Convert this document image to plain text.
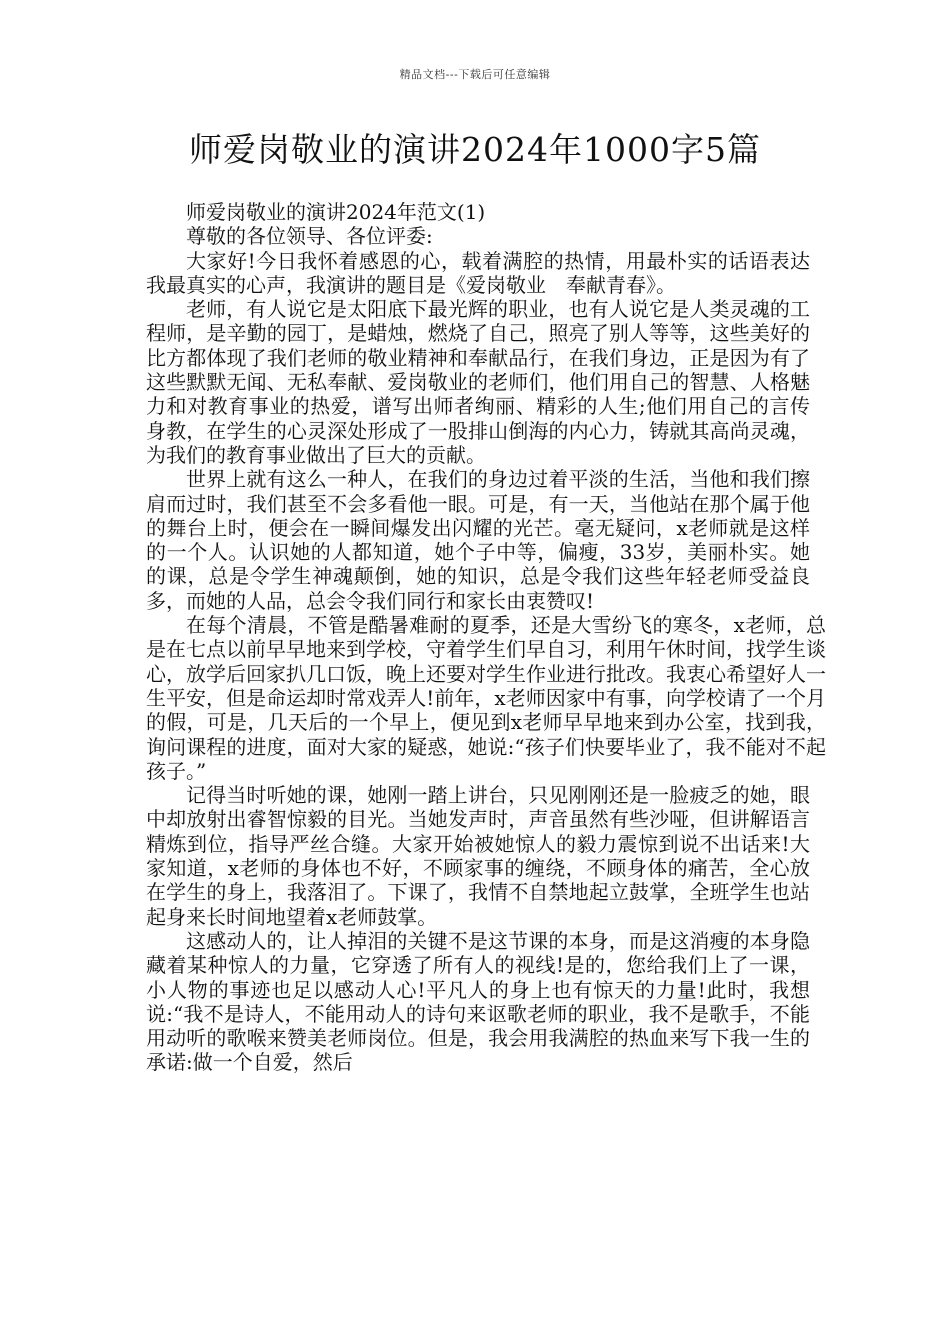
精品文档---下载后可任意编辑
师爱岗敬业的演讲2024年1000字5篇

师爱岗敬业的演讲2024年范文(1)

尊敬的各位领导、各位评委:

大家好!今日我怀着感恩的心，载着满腔的热情，用最朴实的话语表达我最真实的心声，我演讲的题目是《爱岗敬业　奉献青春》。

老师，有人说它是太阳底下最光辉的职业，也有人说它是人类灵魂的工程师，是辛勤的园丁，是蜡烛，燃烧了自己，照亮了别人等等，这些美好的比方都体现了我们老师的敬业精神和奉献品行，在我们身边，正是因为有了这些默默无闻、无私奉献、爱岗敬业的老师们，他们用自己的智慧、人格魅力和对教育事业的热爱，谱写出师者绚丽、精彩的人生;他们用自己的言传身教，在学生的心灵深处形成了一股排山倒海的内心力，铸就其高尚灵魂，为我们的教育事业做出了巨大的贡献。

世界上就有这么一种人，在我们的身边过着平淡的生活，当他和我们擦肩而过时，我们甚至不会多看他一眼。可是，有一天，当他站在那个属于他的舞台上时，便会在一瞬间爆发出闪耀的光芒。毫无疑问，x老师就是这样的一个人。认识她的人都知道，她个子中等，偏瘦，33岁，美丽朴实。她的课，总是令学生神魂颠倒，她的知识，总是令我们这些年轻老师受益良多，而她的人品，总会令我们同行和家长由衷赞叹!

在每个清晨，不管是酷暑难耐的夏季，还是大雪纷飞的寒冬，x老师，总是在七点以前早早地来到学校，守着学生们早自习，利用午休时间，找学生谈心，放学后回家扒几口饭，晚上还要对学生作业进行批改。我衷心希望好人一生平安，但是命运却时常戏弄人!前年，x老师因家中有事，向学校请了一个月的假，可是，几天后的一个早上，便见到x老师早早地来到办公室，找到我，询问课程的进度，面对大家的疑惑，她说:“孩子们快要毕业了，我不能对不起孩子。”

记得当时听她的课，她刚一踏上讲台，只见刚刚还是一脸疲乏的她，眼中却放射出睿智惊毅的目光。当她发声时，声音虽然有些沙哑，但讲解语言精炼到位，指导严丝合缝。大家开始被她惊人的毅力震惊到说不出话来!大家知道，x老师的身体也不好，不顾家事的缠绕，不顾身体的痛苦，全心放在学生的身上，我落泪了。下课了，我情不自禁地起立鼓掌，全班学生也站起身来长时间地望着x老师鼓掌。

这感动人的，让人掉泪的关键不是这节课的本身，而是这消瘦的本身隐藏着某种惊人的力量，它穿透了所有人的视线!是的，您给我们上了一课，小人物的事迹也足以感动人心!平凡人的身上也有惊天的力量!此时，我想说:“我不是诗人，不能用动人的诗句来讴歌老师的职业，我不是歌手，不能用动听的歌喉来赞美老师岗位。但是，我会用我满腔的热血来写下我一生的承诺:做一个自爱，然后
